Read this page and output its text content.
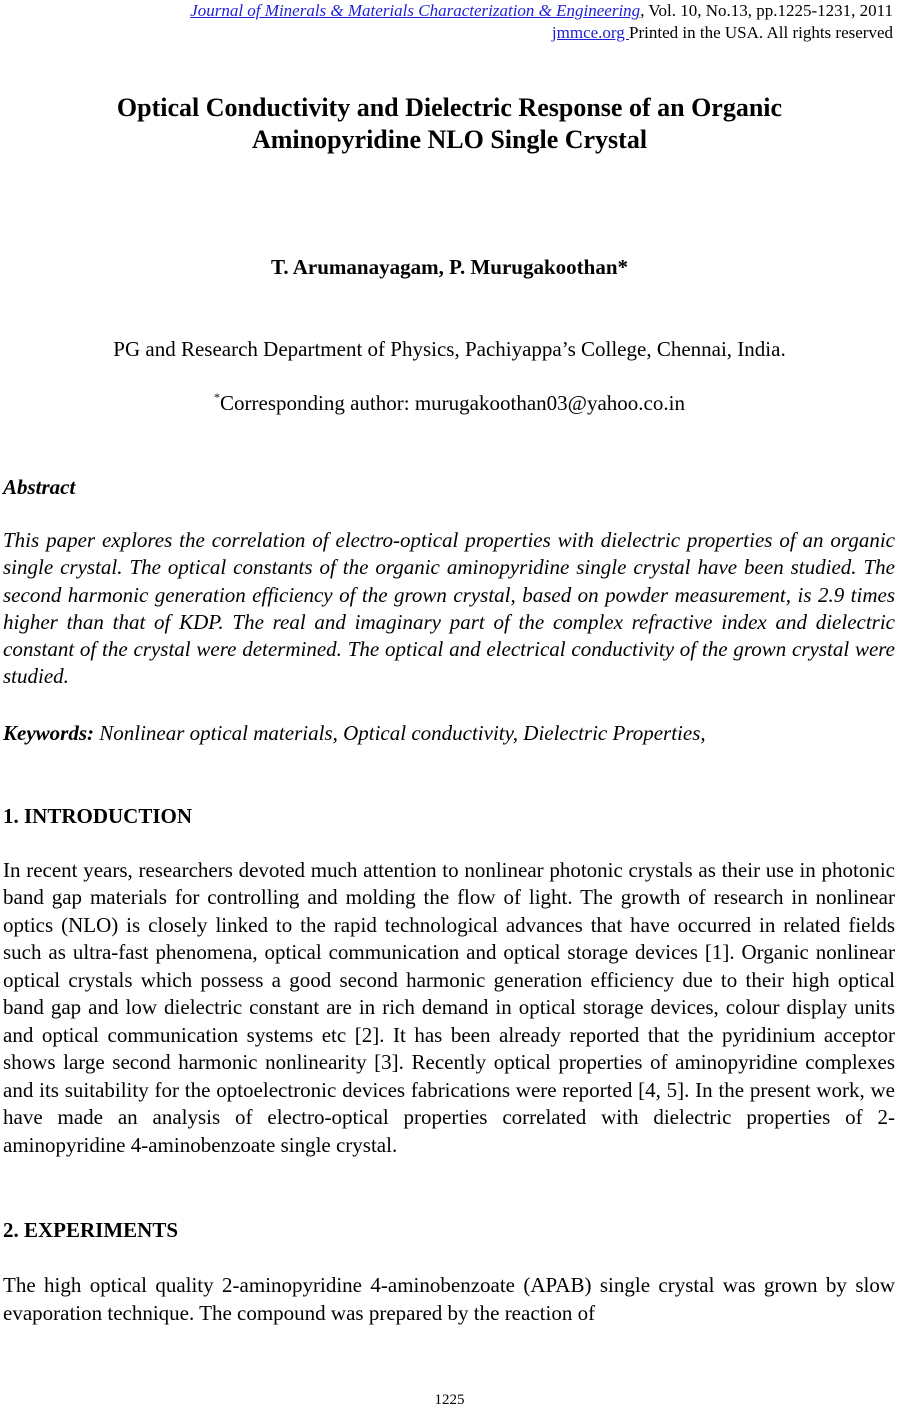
Journal of Minerals & Materials Characterization & Engineering, Vol. 10, No.13, pp.1225-1231, 2011
jmmce.org Printed in the USA. All rights reserved
Optical Conductivity and Dielectric Response of an Organic
Aminopyridine NLO Single Crystal
T. Arumanayagam, P. Murugakoothan*
PG and Research Department of Physics, Pachiyappa’s College, Chennai, India.
*Corresponding author: murugakoothan03@yahoo.co.in
Abstract
This paper explores the correlation of electro-optical properties with dielectric properties of an organic single crystal. The optical constants of the organic aminopyridine single crystal have been studied. The second harmonic generation efficiency of the grown crystal, based on powder measurement, is 2.9 times higher than that of KDP. The real and imaginary part of the complex refractive index and dielectric constant of the crystal were determined. The optical and electrical conductivity of the grown crystal were studied.
Keywords: Nonlinear optical materials, Optical conductivity, Dielectric Properties,
1. INTRODUCTION
In recent years, researchers devoted much attention to nonlinear photonic crystals as their use in photonic band gap materials for controlling and molding the flow of light. The growth of research in nonlinear optics (NLO) is closely linked to the rapid technological advances that have occurred in related fields such as ultra-fast phenomena, optical communication and optical storage devices [1]. Organic nonlinear optical crystals which possess a good second harmonic generation efficiency due to their high optical band gap and low dielectric constant are in rich demand in optical storage devices, colour display units and optical communication systems etc [2]. It has been already reported that the pyridinium acceptor shows large second harmonic nonlinearity [3]. Recently optical properties of aminopyridine complexes and its suitability for the optoelectronic devices fabrications were reported [4, 5]. In the present work, we have made an analysis of electro-optical properties correlated with dielectric properties of 2-aminopyridine 4-aminobenzoate single crystal.
2. EXPERIMENTS
The high optical quality 2-aminopyridine 4-aminobenzoate (APAB) single crystal was grown by slow evaporation technique. The compound was prepared by the reaction of
1225
